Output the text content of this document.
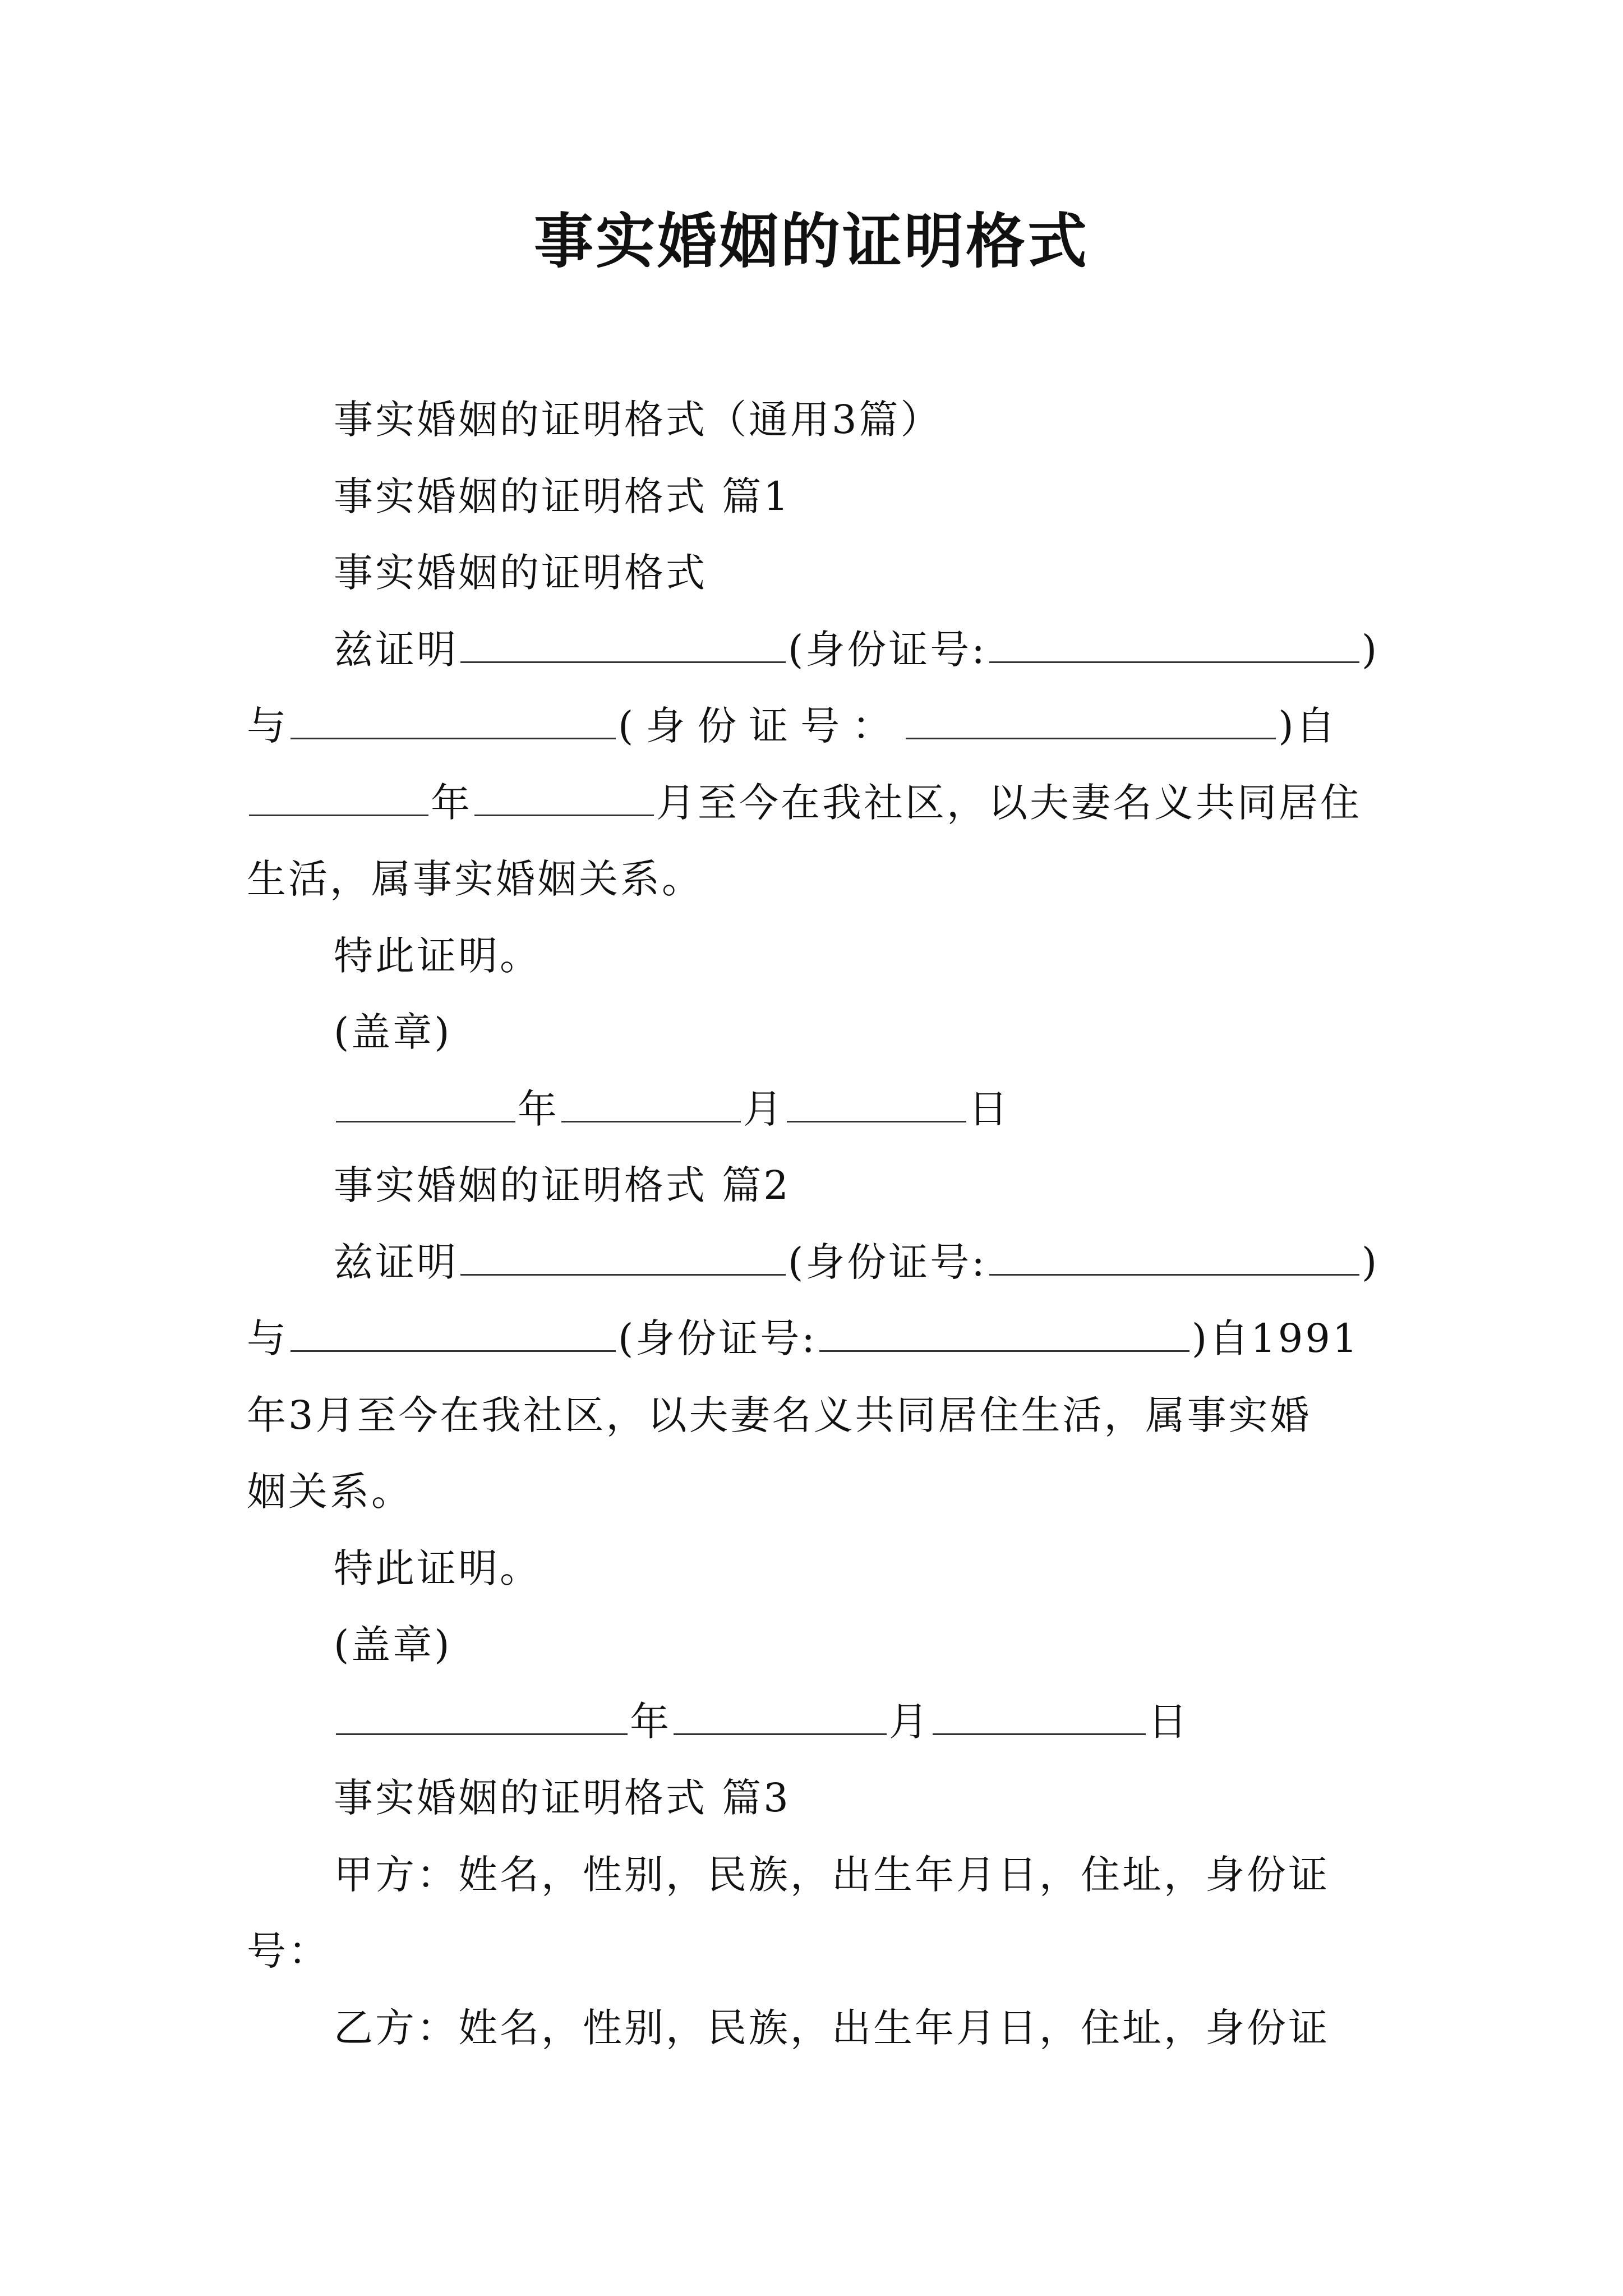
事实婚姻的证明格式

事实婚姻的证明格式（通用3篇）

事实婚姻的证明格式 篇1

事实婚姻的证明格式

兹证明	(身份证号:	)

与	(身份证号：	)自

年	月至今在我社区，以夫妻名义共同居住

生活，属事实婚姻关系。

特此证明。

(盖章)

年	月	日

事实婚姻的证明格式 篇2

兹证明	(身份证号:	)

与	(身份证号:	)自1991

年3月至今在我社区，以夫妻名义共同居住生活，属事实婚

姻关系。

特此证明。

(盖章)

年	月	日

事实婚姻的证明格式 篇3

甲方：姓名，性别，民族，出生年月日，住址，身份证

号：

乙方：姓名，性别，民族，出生年月日，住址，身份证
